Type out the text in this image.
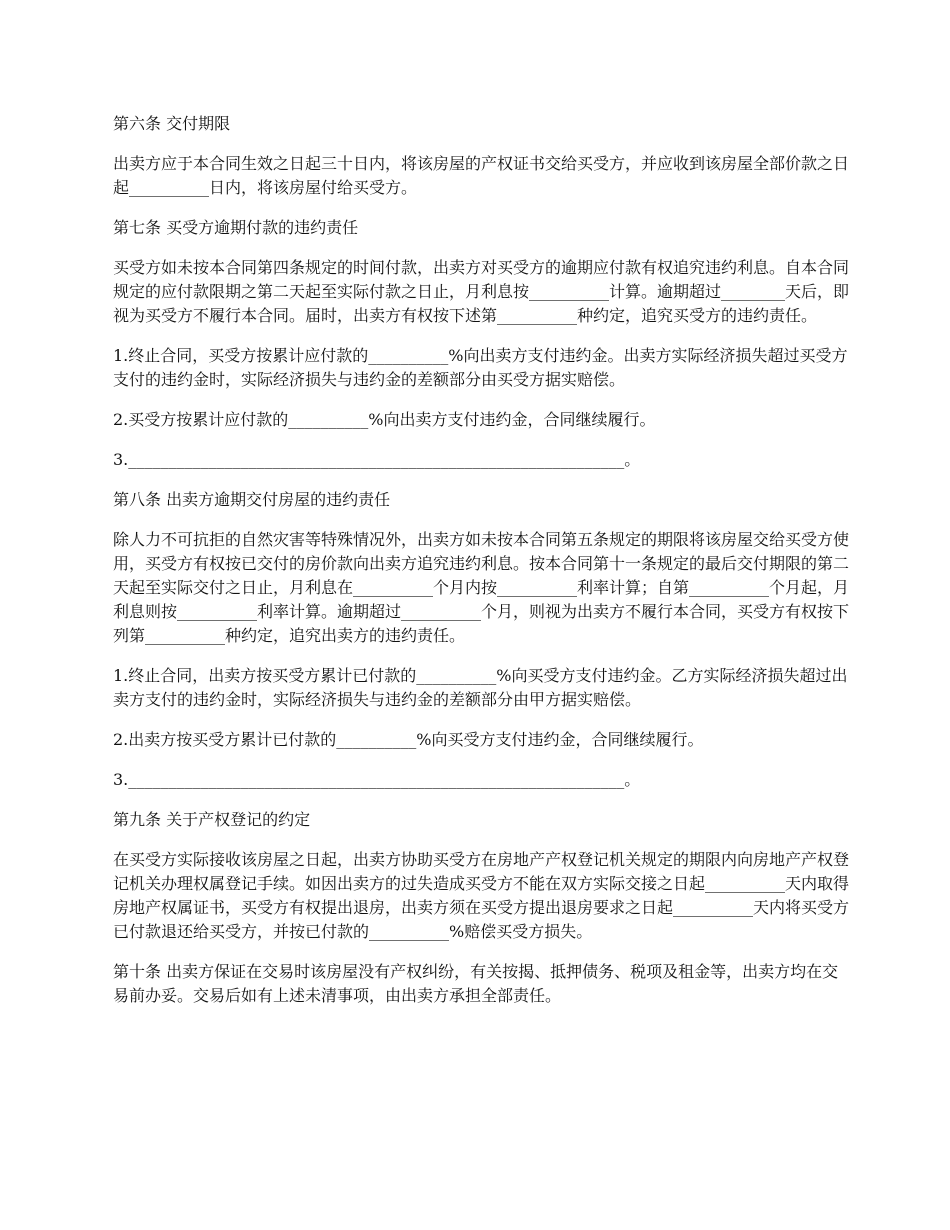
第六条 交付期限

出卖方应于本合同生效之日起三十日内，将该房屋的产权证书交给买受方，并应收到该房屋全部价款之日起__________日内，将该房屋付给买受方。

第七条 买受方逾期付款的违约责任

买受方如未按本合同第四条规定的时间付款，出卖方对买受方的逾期应付款有权追究违约利息。自本合同规定的应付款限期之第二天起至实际付款之日止，月利息按__________计算。逾期超过________天后，即视为买受方不履行本合同。届时，出卖方有权按下述第__________种约定，追究买受方的违约责任。

1.终止合同，买受方按累计应付款的__________%向出卖方支付违约金。出卖方实际经济损失超过买受方支付的违约金时，实际经济损失与违约金的差额部分由买受方据实赔偿。

2.买受方按累计应付款的__________%向出卖方支付违约金，合同继续履行。

3.______________________________________________________________。

第八条 出卖方逾期交付房屋的违约责任

除人力不可抗拒的自然灾害等特殊情况外，出卖方如未按本合同第五条规定的期限将该房屋交给买受方使用，买受方有权按已交付的房价款向出卖方追究违约利息。按本合同第十一条规定的最后交付期限的第二天起至实际交付之日止，月利息在__________个月内按__________利率计算；自第__________个月起，月利息则按__________利率计算。逾期超过__________个月，则视为出卖方不履行本合同，买受方有权按下列第__________种约定，追究出卖方的违约责任。

1.终止合同，出卖方按买受方累计已付款的__________%向买受方支付违约金。乙方实际经济损失超过出卖方支付的违约金时，实际经济损失与违约金的差额部分由甲方据实赔偿。

2.出卖方按买受方累计已付款的__________%向买受方支付违约金，合同继续履行。

3.______________________________________________________________。

第九条 关于产权登记的约定

在买受方实际接收该房屋之日起，出卖方协助买受方在房地产产权登记机关规定的期限内向房地产产权登记机关办理权属登记手续。如因出卖方的过失造成买受方不能在双方实际交接之日起__________天内取得房地产权属证书，买受方有权提出退房，出卖方须在买受方提出退房要求之日起__________天内将买受方已付款退还给买受方，并按已付款的__________%赔偿买受方损失。

第十条 出卖方保证在交易时该房屋没有产权纠纷，有关按揭、抵押债务、税项及租金等，出卖方均在交易前办妥。交易后如有上述未清事项，由出卖方承担全部责任。
